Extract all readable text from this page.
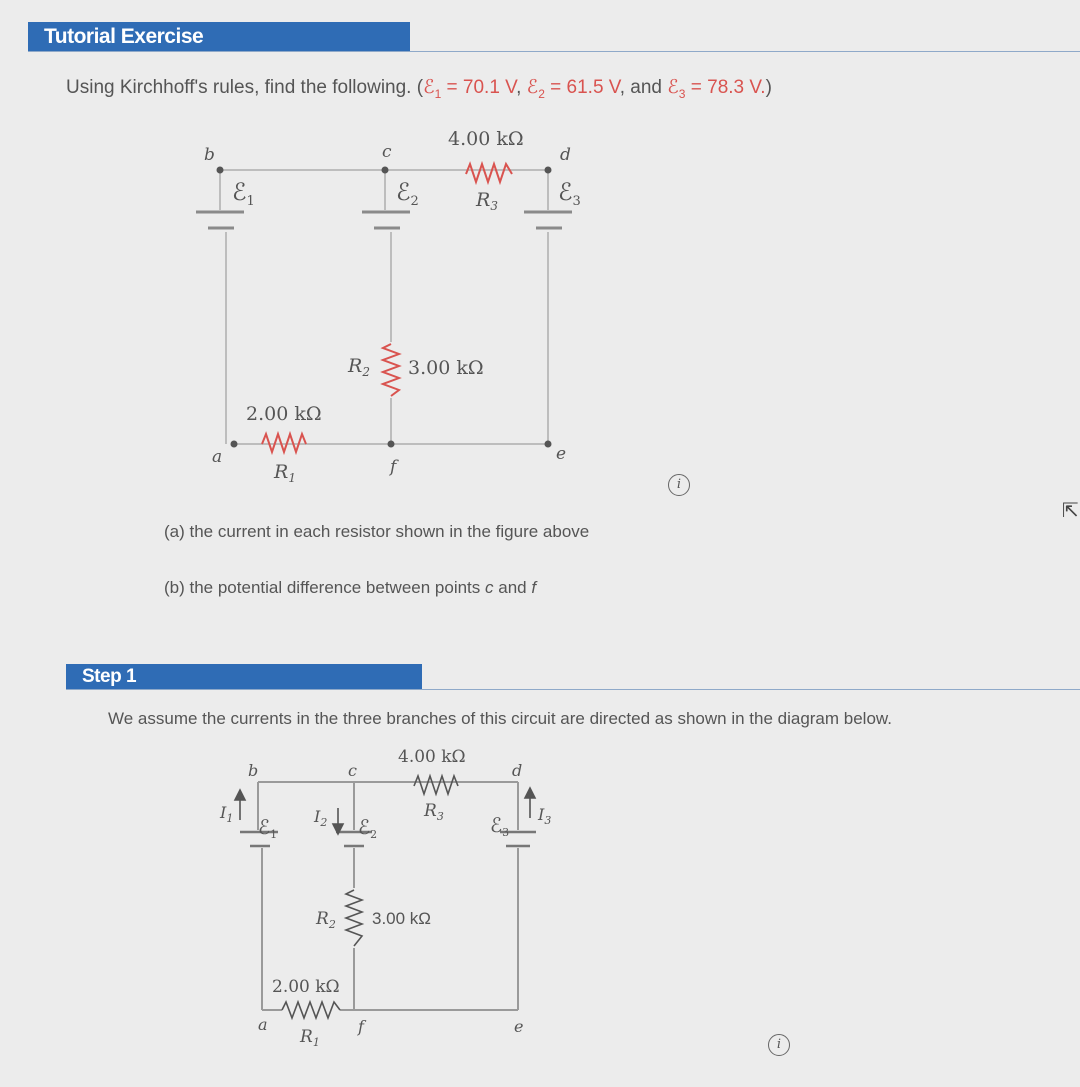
Tutorial Exercise
Using Kirchhoff's rules, find the following. (ℰ$_1$ = 70.1 V, ℰ$_2$ = 61.5 V, and ℰ$_3$ = 78.3 V.)
b	c	d
a	f
e
ℰ$_1$	ℰ$_2$	ℰ$_3$
4.00 kΩ
$R_3$
$R_2$ 3.00 kΩ
2.00 kΩ
$R_1$	i
⇱
(a) the current in each resistor shown in the figure above
(b) the potential difference between points c and f
Step 1
We assume the currents in the three branches of this circuit are directed as shown in the diagram below.
b	c	d
a	f	e
$I_1$	$I_2$	$I_3$
ℰ$_1$	ℰ$_2$	ℰ$_3$
4.00 kΩ
$R_3$
$R_2$ 3.00 kΩ
2.00 kΩ
$R_1$	i
